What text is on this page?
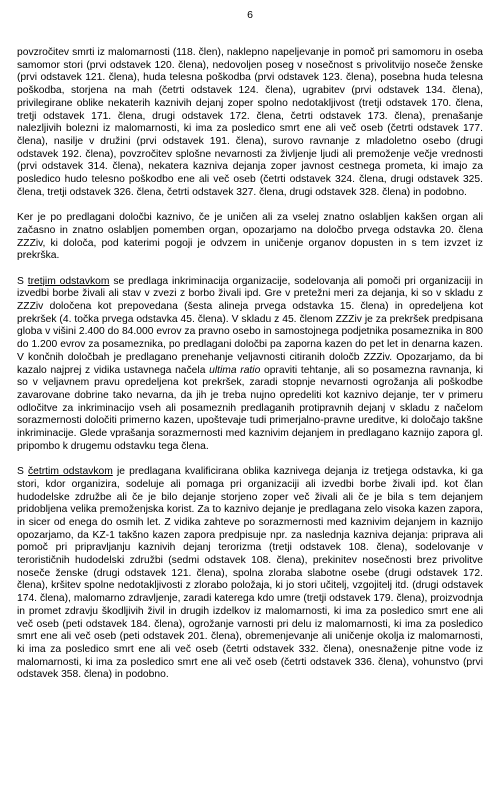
6

povzročitev smrti iz malomarnosti (118. člen), naklepno napeljevanje in pomoč pri samomoru in oseba samomor stori (prvi odstavek 120. člena), nedovoljen poseg v nosečnost s privolitvijo noseče ženske (prvi odstavek 121. člena), huda telesna poškodba (prvi odstavek 123. člena), posebna huda telesna poškodba, storjena na mah (četrti odstavek 124. člena), ugrabitev (prvi odstavek 134. člena), privilegirane oblike nekaterih kaznivih dejanj zoper spolno nedotakljivost (tretji odstavek 170. člena, tretji odstavek 171. člena, drugi odstavek 172. člena, četrti odstavek 173. člena), prenašanje nalezljivih bolezni iz malomarnosti, ki ima za posledico smrt ene ali več oseb (četrti odstavek 177. člena), nasilje v družini (prvi odstavek 191. člena), surovo ravnanje z mladoletno osebo (drugi odstavek 192. člena), povzročitev splošne nevarnosti za življenje ljudi ali premoženje večje vrednosti (prvi odstavek 314. člena), nekatera kazniva dejanja zoper javnost cestnega prometa, ki imajo za posledico hudo telesno poškodbo ene ali več oseb (četrti odstavek 324. člena, drugi odstavek 325. člena, tretji odstavek 326. člena, četrti odstavek 327. člena, drugi odstavek 328. člena) in podobno.

Ker je po predlagani določbi kaznivo, če je uničen ali za vselej znatno oslabljen kakšen organ ali začasno in znatno oslabljen pomemben organ, opozarjamo na določbo prvega odstavka 20. člena ZZZiv, ki določa, pod katerimi pogoji je odvzem in uničenje organov dopusten in s tem izvzet iz prekrška.

S tretjim odstavkom se predlaga inkriminacija organizacije, sodelovanja ali pomoči pri organizaciji in izvedbi borbe živali ali stav v zvezi z borbo živali ipd. Gre v pretežni meri za dejanja, ki so v skladu z ZZZiv določena kot prepovedana (šesta alineja prvega odstavka 15. člena) in opredeljena kot prekršek (4. točka prvega odstavka 45. člena). V skladu z 45. členom ZZZiv je za prekršek predpisana globa v višini 2.400 do 84.000 evrov za pravno osebo in samostojnega podjetnika posameznika in 800 do 1.200 evrov za posameznika, po predlagani določbi pa zaporna kazen do pet let in denarna kazen. V končnih določbah je predlagano prenehanje veljavnosti citiranih določb ZZZiv. Opozarjamo, da bi kazalo najprej z vidika ustavnega načela ultima ratio opraviti tehtanje, ali so posamezna ravnanja, ki so v veljavnem pravu opredeljena kot prekršek, zaradi stopnje nevarnosti ogrožanja ali poškodbe zavarovane dobrine tako nevarna, da jih je treba nujno opredeliti kot kaznivo dejanje, ter v primeru odločitve za inkriminacijo vseh ali posameznih predlaganih protipravnih dejanj v skladu z načelom sorazmernosti določiti primerno kazen, upoštevaje tudi primerjalno-pravne ureditve, ki določajo takšne inkriminacije. Glede vprašanja sorazmernosti med kaznivim dejanjem in predlagano kaznijo zapora gl. pripombo k drugemu odstavku tega člena.

S četrtim odstavkom je predlagana kvalificirana oblika kaznivega dejanja iz tretjega odstavka, ki ga stori, kdor organizira, sodeluje ali pomaga pri organizaciji ali izvedbi borbe živali ipd. kot član hudodelske združbe ali če je bilo dejanje storjeno zoper več živali ali če je bila s tem dejanjem pridobljena velika premoženjska korist. Za to kaznivo dejanje je predlagana zelo visoka kazen zapora, in sicer od enega do osmih let. Z vidika zahteve po sorazmernosti med kaznivim dejanjem in kaznijo opozarjamo, da KZ-1 takšno kazen zapora predpisuje npr. za naslednja kazniva dejanja: priprava ali pomoč pri pripravljanju kaznivih dejanj terorizma (tretji odstavek 108. člena), sodelovanje v terorističnih hudodelski združbi (sedmi odstavek 108. člena), prekinitev nosečnosti brez privolitve noseče ženske (drugi odstavek 121. člena), spolna zloraba slabotne osebe (drugi odstavek 172. člena), kršitev spolne nedotakljivosti z zlorabo položaja, ki jo stori učitelj, vzgojitelj itd. (drugi odstavek 174. člena), malomarno zdravljenje, zaradi katerega kdo umre (tretji odstavek 179. člena), proizvodnja in promet zdravju škodljivih živil in drugih izdelkov iz malomarnosti, ki ima za posledico smrt ene ali več oseb (peti odstavek 184. člena), ogrožanje varnosti pri delu iz malomarnosti, ki ima za posledico smrt ene ali več oseb (peti odstavek 201. člena), obremenjevanje ali uničenje okolja iz malomarnosti, ki ima za posledico smrt ene ali več oseb (četrti odstavek 332. člena), onesnaženje pitne vode iz malomarnosti, ki ima za posledico smrt ene ali več oseb (četrti odstavek 336. člena), vohunstvo (prvi odstavek 358. člena) in podobno.
